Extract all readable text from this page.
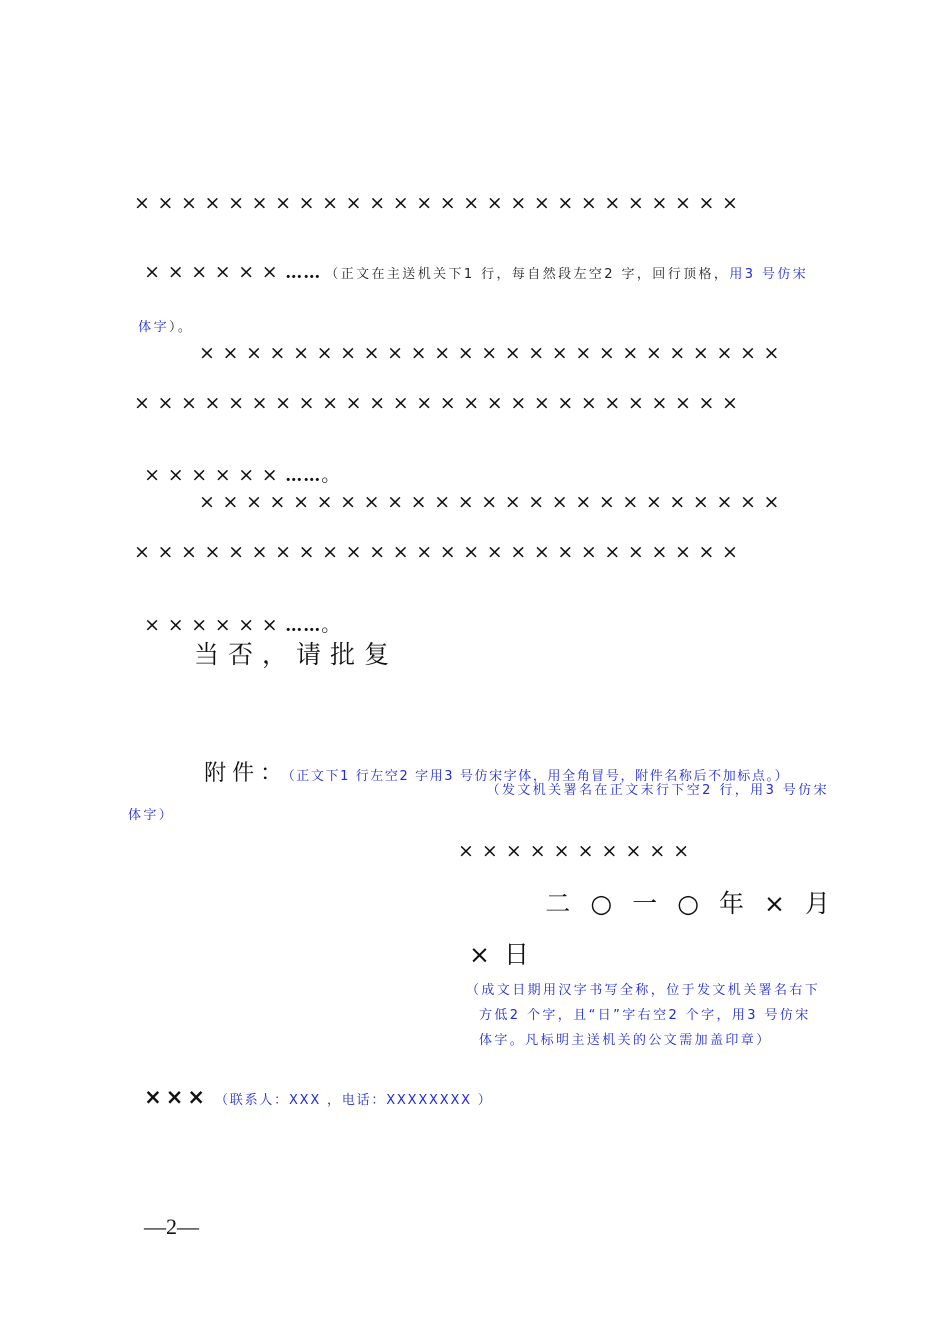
××××××××××××××××××××××××××

××××××…… （正文在主送机关下1 行，每自然段左空2 字，回行顶格，用3 号仿宋

体字）。

×××××××××××××××××××××××××
××××××××××××××××××××××××××

××××××……。

×××××××××××××××××××××××××
××××××××××××××××××××××××××

××××××……。

当否，请批复

附件：（正文下1 行左空2 字用3 号仿宋字体，用全角冒号，附件名称后不加标点。）

（发文机关署名在正文末行下空2 行，用3 号仿宋
体字）
××××××××××
二○一○年×月
×日
（成文日期用汉字书写全称，位于发文机关署名右下
方低2 个字，且“日”字右空2 个字，用3 号仿宋
体字。凡标明主送机关的公文需加盖印章）

××× （联系人：XXX ，电话：XXXXXXXX ）

—2—
